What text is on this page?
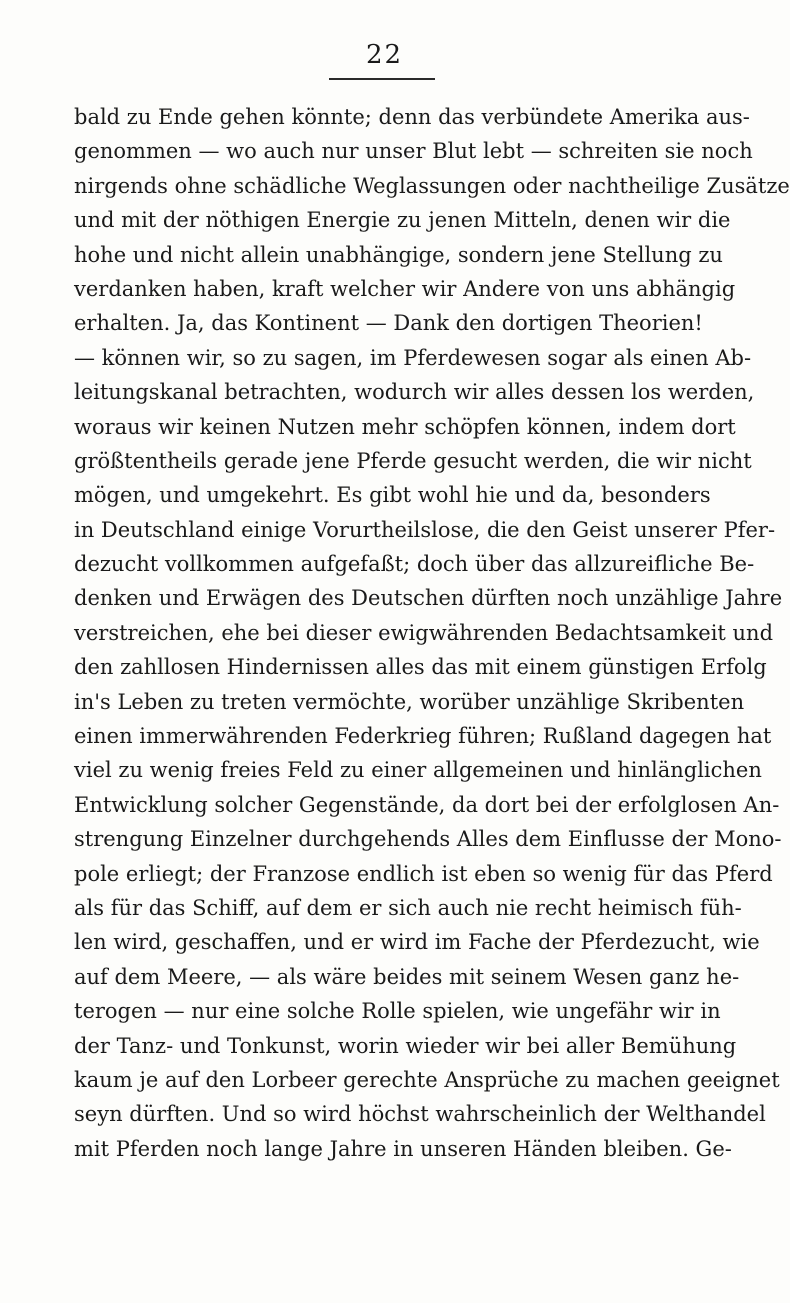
22
bald zu Ende gehen könnte; denn das verbündete Amerika aus-
genommen — wo auch nur unser Blut lebt — schreiten sie noch
nirgends ohne schädliche Weglassungen oder nachtheilige Zusätze
und mit der nöthigen Energie zu jenen Mitteln, denen wir die
hohe und nicht allein unabhängige, sondern jene Stellung zu
verdanken haben, kraft welcher wir Andere von uns abhängig
erhalten. Ja, das Kontinent — Dank den dortigen Theorien!
— können wir, so zu sagen, im Pferdewesen sogar als einen Ab-
leitungskanal betrachten, wodurch wir alles dessen los werden,
woraus wir keinen Nutzen mehr schöpfen können, indem dort
größtentheils gerade jene Pferde gesucht werden, die wir nicht
mögen, und umgekehrt. Es gibt wohl hie und da, besonders
in Deutschland einige Vorurtheilslose, die den Geist unserer Pfer-
dezucht vollkommen aufgefaßt; doch über das allzureifliche Be-
denken und Erwägen des Deutschen dürften noch unzählige Jahre
verstreichen, ehe bei dieser ewigwährenden Bedachtsamkeit und
den zahllosen Hindernissen alles das mit einem günstigen Erfolg
in's Leben zu treten vermöchte, worüber unzählige Skribenten
einen immerwährenden Federkrieg führen; Rußland dagegen hat
viel zu wenig freies Feld zu einer allgemeinen und hinlänglichen
Entwicklung solcher Gegenstände, da dort bei der erfolglosen An-
strengung Einzelner durchgehends Alles dem Einflusse der Mono-
pole erliegt; der Franzose endlich ist eben so wenig für das Pferd
als für das Schiff, auf dem er sich auch nie recht heimisch füh-
len wird, geschaffen, und er wird im Fache der Pferdezucht, wie
auf dem Meere, — als wäre beides mit seinem Wesen ganz he-
terogen — nur eine solche Rolle spielen, wie ungefähr wir in
der Tanz- und Tonkunst, worin wieder wir bei aller Bemühung
kaum je auf den Lorbeer gerechte Ansprüche zu machen geeignet
seyn dürften. Und so wird höchst wahrscheinlich der Welthandel
mit Pferden noch lange Jahre in unseren Händen bleiben. Ge-
